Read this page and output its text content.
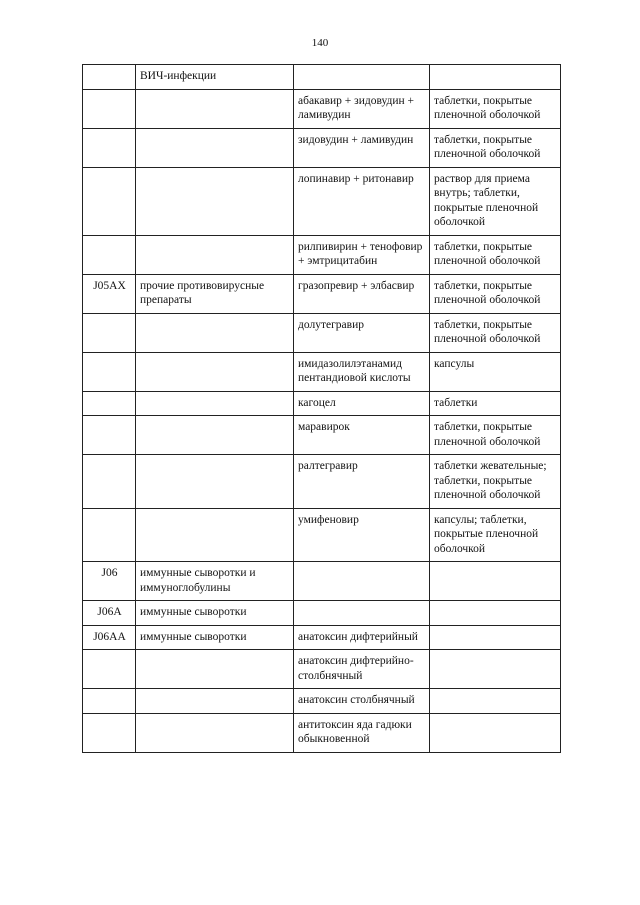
140
	ВИЧ-инфекции		
		абакавир + зидовудин + ламивудин	таблетки, покрытые пленочной оболочкой
		зидовудин + ламивудин	таблетки, покрытые пленочной оболочкой
		лопинавир + ритонавир	раствор для приема внутрь; таблетки, покрытые пленочной оболочкой
		рилпивирин + тенофовир + эмтрицитабин	таблетки, покрытые пленочной оболочкой
J05AX	прочие противовирусные препараты	гразопревир + элбасвир	таблетки, покрытые пленочной оболочкой
		долутегравир	таблетки, покрытые пленочной оболочкой
		имидазолилэтанамид пентандиовой кислоты	капсулы
		кагоцел	таблетки
		маравирок	таблетки, покрытые пленочной оболочкой
		ралтегравир	таблетки жевательные; таблетки, покрытые пленочной оболочкой
		умифеновир	капсулы; таблетки, покрытые пленочной оболочкой
J06	иммунные сыворотки и иммуноглобулины		
J06A	иммунные сыворотки		
J06AA	иммунные сыворотки	анатоксин дифтерийный	
		анатоксин дифтерийно-столбнячный	
		анатоксин столбнячный	
		антитоксин яда гадюки обыкновенной	
